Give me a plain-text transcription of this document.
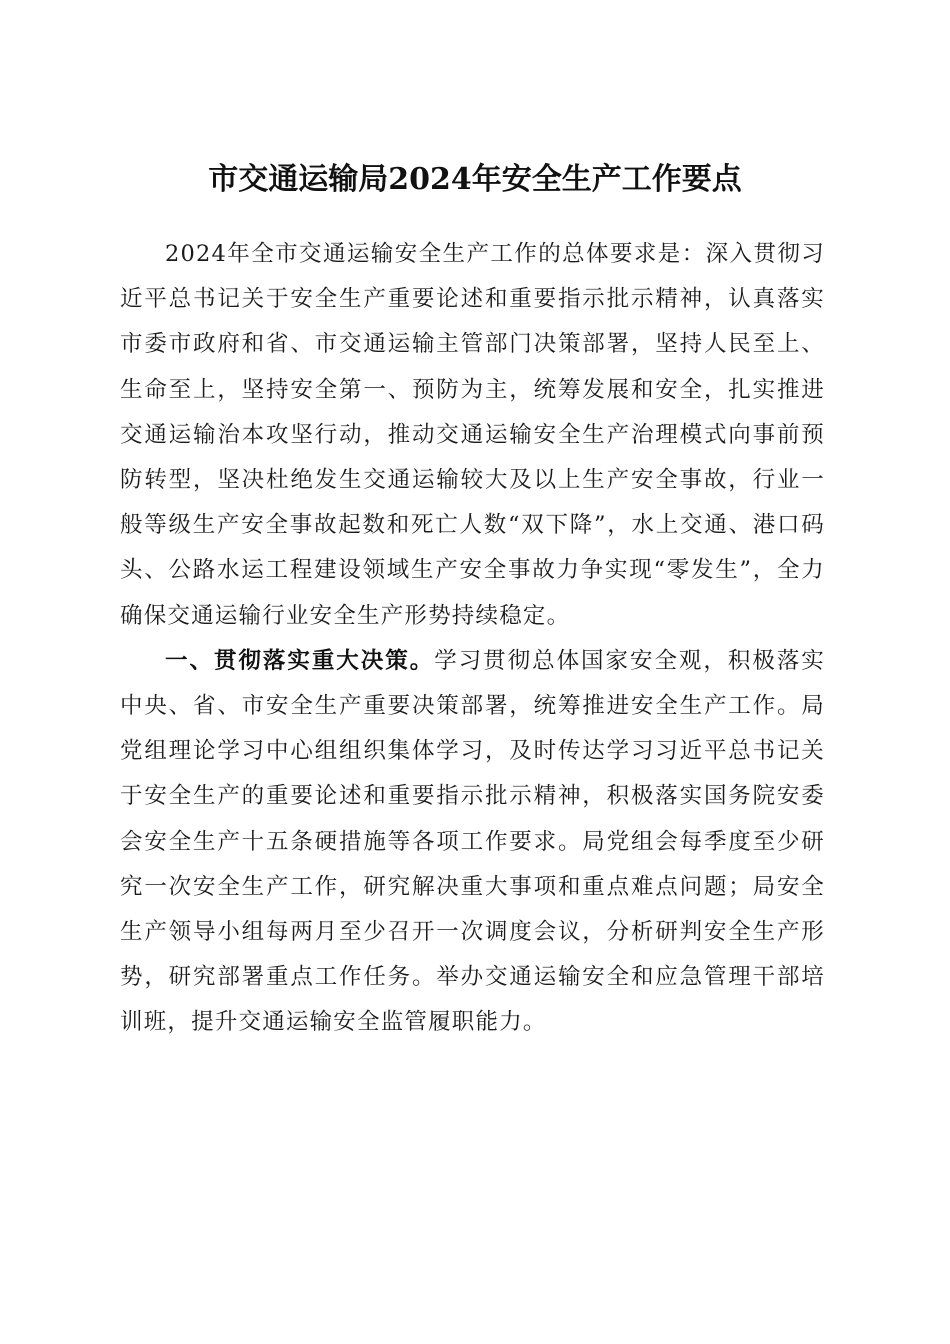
市交通运输局2024年安全生产工作要点

2024年全市交通运输安全生产工作的总体要求是：深入贯彻习近平总书记关于安全生产重要论述和重要指示批示精神，认真落实市委市政府和省、市交通运输主管部门决策部署，坚持人民至上、生命至上，坚持安全第一、预防为主，统筹发展和安全，扎实推进交通运输治本攻坚行动，推动交通运输安全生产治理模式向事前预防转型，坚决杜绝发生交通运输较大及以上生产安全事故，行业一般等级生产安全事故起数和死亡人数“双下降”，水上交通、港口码头、公路水运工程建设领域生产安全事故力争实现“零发生”，全力确保交通运输行业安全生产形势持续稳定。

一、贯彻落实重大决策。学习贯彻总体国家安全观，积极落实中央、省、市安全生产重要决策部署，统筹推进安全生产工作。局党组理论学习中心组组织集体学习，及时传达学习习近平总书记关于安全生产的重要论述和重要指示批示精神，积极落实国务院安委会安全生产十五条硬措施等各项工作要求。局党组会每季度至少研究一次安全生产工作，研究解决重大事项和重点难点问题；局安全生产领导小组每两月至少召开一次调度会议，分析研判安全生产形势，研究部署重点工作任务。举办交通运输安全和应急管理干部培训班，提升交通运输安全监管履职能力。
